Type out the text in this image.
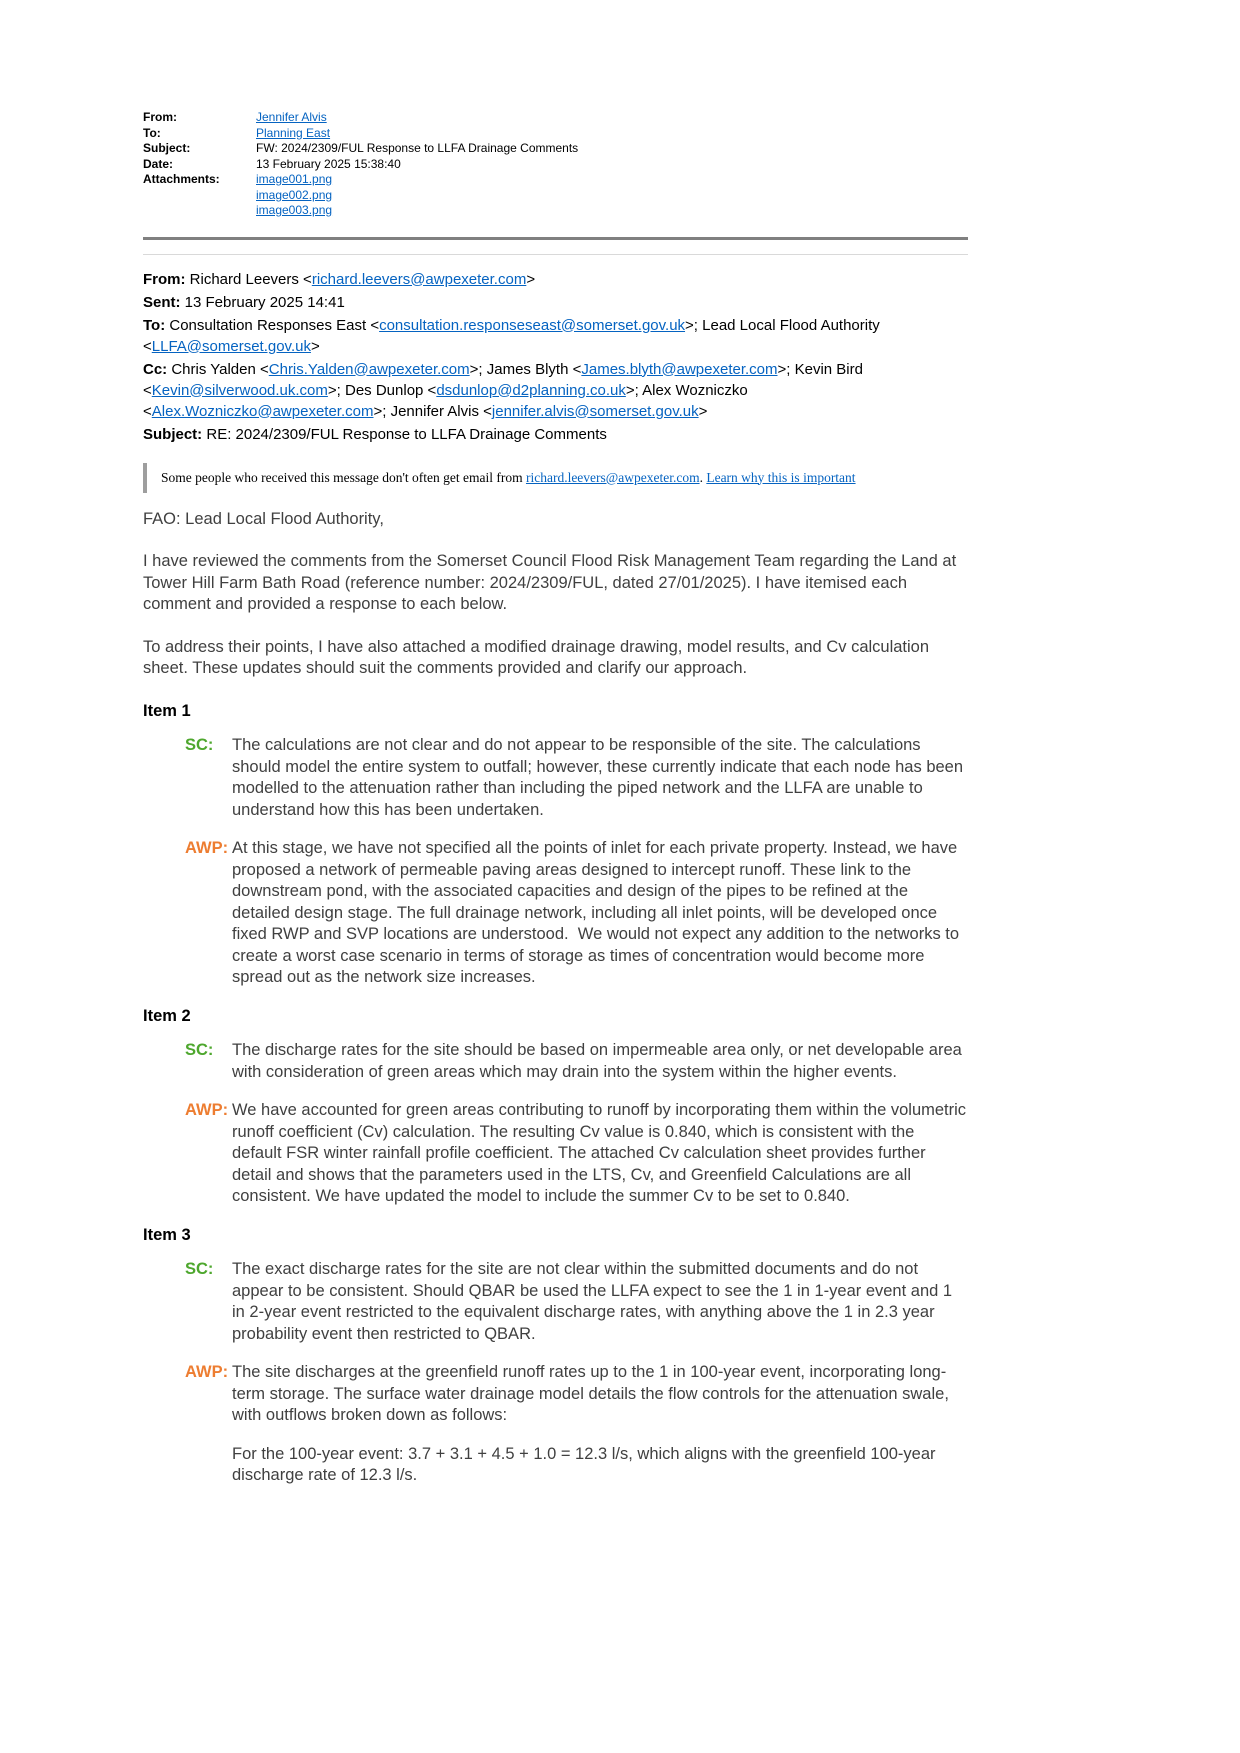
From:	Jennifer Alvis
To:	Planning East
Subject:	FW: 2024/2309/FUL Response to LLFA Drainage Comments
Date:	13 February 2025 15:38:40
Attachments:	image001.png
image002.png
image003.png

From: Richard Leevers <richard.leevers@awpexeter.com>

Sent: 13 February 2025 14:41

To: Consultation Responses East <consultation.responseseast@somerset.gov.uk>; Lead Local Flood Authority <LLFA@somerset.gov.uk>

Cc: Chris Yalden <Chris.Yalden@awpexeter.com>; James Blyth <James.blyth@awpexeter.com>; Kevin Bird <Kevin@silverwood.uk.com>; Des Dunlop <dsdunlop@d2planning.co.uk>; Alex Wozniczko <Alex.Wozniczko@awpexeter.com>; Jennifer Alvis <jennifer.alvis@somerset.gov.uk>

Subject: RE: 2024/2309/FUL Response to LLFA Drainage Comments

Some people who received this message don't often get email from richard.leevers@awpexeter.com. Learn why this is important

FAO: Lead Local Flood Authority,

I have reviewed the comments from the Somerset Council Flood Risk Management Team regarding the Land at Tower Hill Farm Bath Road (reference number: 2024/2309/FUL, dated 27/01/2025). I have itemised each comment and provided a response to each below.

To address their points, I have also attached a modified drainage drawing, model results, and Cv calculation sheet. These updates should suit the comments provided and clarify our approach.

Item 1
SC:	The calculations are not clear and do not appear to be responsible of the site. The calculations should model the entire system to outfall; however, these currently indicate that each node has been modelled to the attenuation rather than including the piped network and the LLFA are unable to understand how this has been undertaken.
AWP: At this stage, we have not specified all the points of inlet for each private property. Instead, we have proposed a network of permeable paving areas designed to intercept runoff. These link to the downstream pond, with the associated capacities and design of the pipes to be refined at the detailed design stage. The full drainage network, including all inlet points, will be developed once fixed RWP and SVP locations are understood.  We would not expect any addition to the networks to create a worst case scenario in terms of storage as times of concentration would become more spread out as the network size increases.
Item 2
SC:	The discharge rates for the site should be based on impermeable area only, or net developable area with consideration of green areas which may drain into the system within the higher events.
AWP: We have accounted for green areas contributing to runoff by incorporating them within the volumetric runoff coefficient (Cv) calculation. The resulting Cv value is 0.840, which is consistent with the default FSR winter rainfall profile coefficient. The attached Cv calculation sheet provides further detail and shows that the parameters used in the LTS, Cv, and Greenfield Calculations are all consistent. We have updated the model to include the summer Cv to be set to 0.840.
Item 3
SC:	The exact discharge rates for the site are not clear within the submitted documents and do not appear to be consistent. Should QBAR be used the LLFA expect to see the 1 in 1-year event and 1 in 2-year event restricted to the equivalent discharge rates, with anything above the 1 in 2.3 year probability event then restricted to QBAR.
AWP: The site discharges at the greenfield runoff rates up to the 1 in 100-year event, incorporating long-term storage. The surface water drainage model details the flow controls for the attenuation swale, with outflows broken down as follows:

For the 100-year event: 3.7 + 3.1 + 4.5 + 1.0 = 12.3 l/s, which aligns with the greenfield 100-year discharge rate of 12.3 l/s.
